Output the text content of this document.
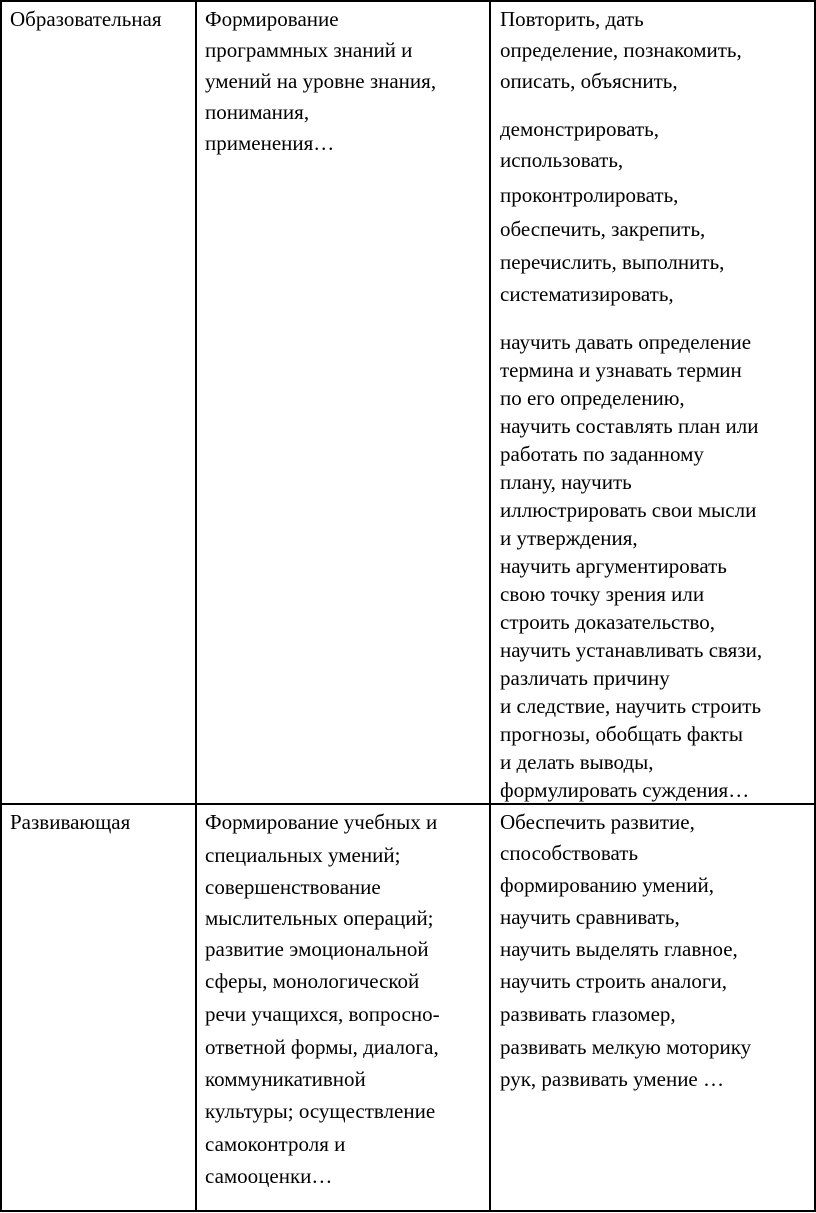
Образовательная Формирование
программных знаний и
умений на уровне знания,
понимания,
применения…
Повторить, дать
определение, познакомить,
описать, объяснить,
демонстрировать,
использовать,
проконтролировать,
обеспечить, закрепить,
перечислить, выполнить,
систематизировать,
научить давать определение
термина и узнавать термин
по его определению,
научить составлять план или
работать по заданному
плану, научить
иллюстрировать свои мысли
и утверждения,
научить аргументировать
свою точку зрения или
строить доказательство,
научить устанавливать связи,
различать причину
и следствие, научить строить
прогнозы, обобщать факты
и делать выводы,
формулировать суждения…
Развивающая	Формирование учебных и
специальных умений;
совершенствование
мыслительных операций;
развитие эмоциональной
сферы, монологической
речи учащихся, вопросно-
ответной формы, диалога,
коммуникативной
культуры; осуществление
самоконтроля и
самооценки…
Обеспечить развитие,
способствовать
формированию умений,
научить сравнивать,
научить выделять главное,
научить строить аналоги,
развивать глазомер,
развивать мелкую моторику
рук, развивать умение …
